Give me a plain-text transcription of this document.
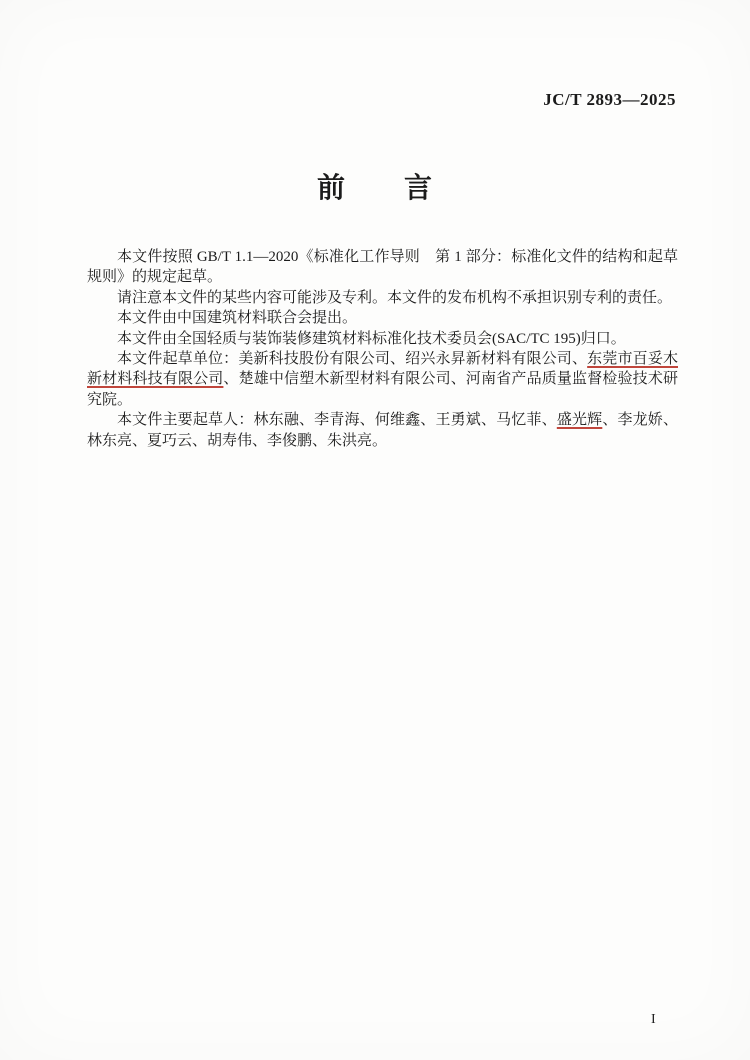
JC/T 2893—2025
前　　言

本文件按照 GB/T 1.1—2020《标准化工作导则　第 1 部分：标准化文件的结构和起草规则》的规定起草。

请注意本文件的某些内容可能涉及专利。本文件的发布机构不承担识别专利的责任。

本文件由中国建筑材料联合会提出。

本文件由全国轻质与装饰装修建筑材料标准化技术委员会(SAC/TC 195)归口。

本文件起草单位：美新科技股份有限公司、绍兴永昇新材料有限公司、东莞市百妥木新材料科技有限公司、楚雄中信塑木新型材料有限公司、河南省产品质量监督检验技术研究院。

本文件主要起草人：林东融、李青海、何维鑫、王勇斌、马忆菲、盛光辉、李龙娇、林东亮、夏巧云、胡寿伟、李俊鹏、朱洪亮。

I
